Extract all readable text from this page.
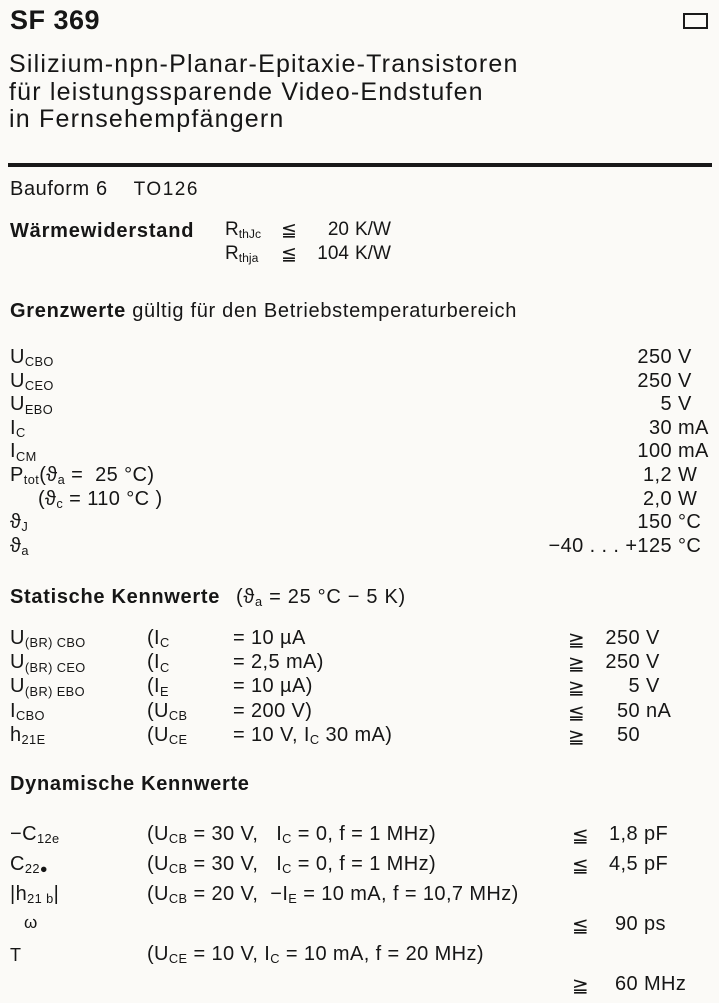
SF 369
Silizium-npn-Planar-Epitaxie-Transistoren
für leistungssparende Video-Endstufen
in Fernsehempfängern
Bauform 6 TO126
Wärmewiderstand $R_{thJc}$	≦	20 K/W
$R_{thja}$	≦	104 K/W
Grenzwerte gültig für den Betriebstemperaturbereich
$U_{CBO}$	250 V
$U_{CEO}$	250 V
$U_{EBO}$	5 V
$I_C$	30 mA
$I_{CM}$	100 mA
$P_{tot}$ ($ϑ_a = 25$ °C)	1,2 W
($ϑ_c = 110$ °C )	2,0 W
$ϑ_J$	150 °C
$ϑ_a$	−40 . . . +125 °C
Statische Kennwerte ($ϑ_a = 25$ °C − 5 K)
$U_{(BR) CBO}$	($I_C$	= 10 µA	≧	250 V
$U_{(BR) CEO}$	($I_C$	= 2,5 mA)	≧	250 V
$U_{(BR) EBO}$	($I_E$	= 10 µA)	≧	5 V
$I_{CBO}$	($U_{CB}$	= 200 V)	≦	50 nA
$h_{21E}$	($U_{CE}$	= 10 V, $I_C$ 30 mA)	≧	50
Dynamische Kennwerte
$-C_{12e}$	($U_{CB} = 30$ V,   $I_C = 0$, f = 1 MHz)	≦ 1,8 pF
$C_{22●}$	($U_{CB} = 30$ V,   $I_C = 0$, f = 1 MHz)	≦ 4,5 pF
$|h_{21 b}|$	($U_{CB} = 20$ V,  $-I_E = 10$ mA, f = 10,7 MHz)
ω	≦	90 ps
T	($U_{CE} = 10$ V, $I_C = 10$ mA, f = 20 MHz)
≧	60 MHz
